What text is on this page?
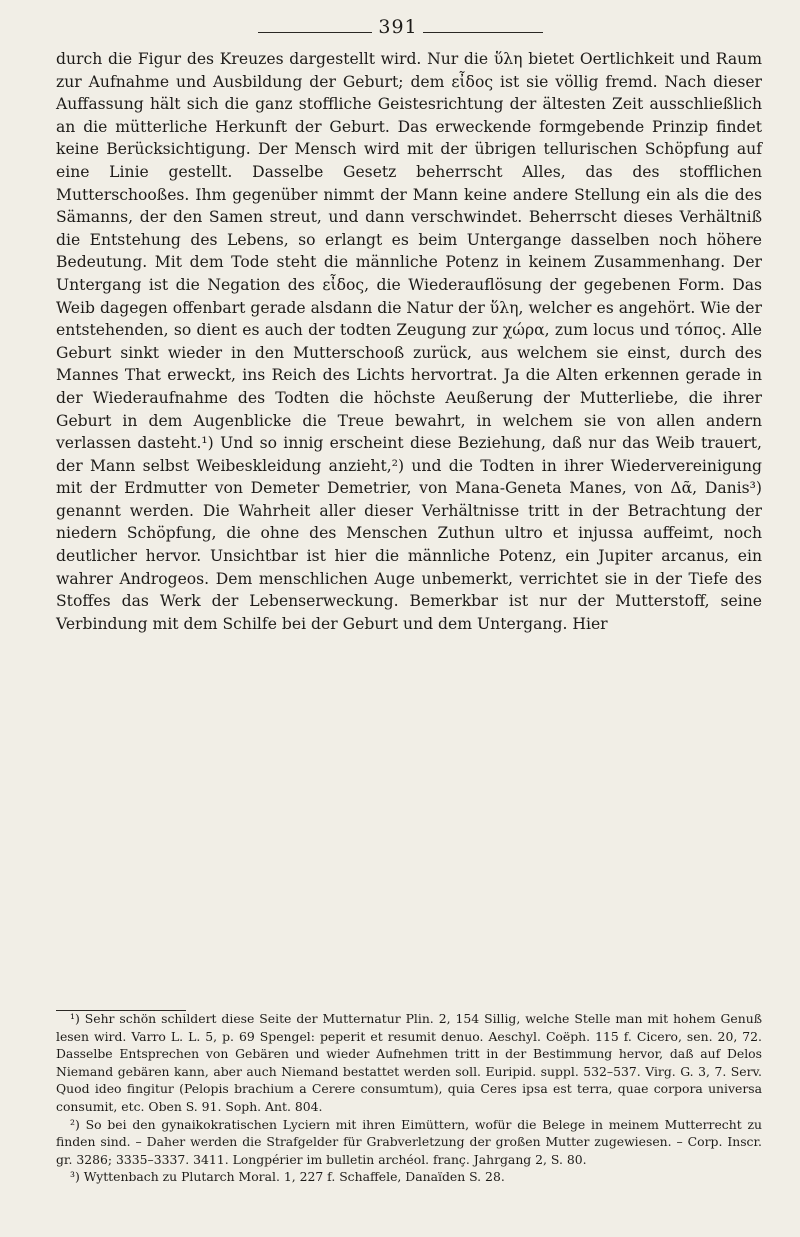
391

durch die Figur des Kreuzes dargestellt wird. Nur die ὕλη bietet Oertlichkeit und Raum zur Aufnahme und Ausbildung der Geburt; dem εἶδος ist sie völlig fremd. Nach dieser Auffassung hält sich die ganz stoffliche Geistesrichtung der ältesten Zeit ausschließlich an die mütterliche Herkunft der Geburt. Das erweckende formgebende Prinzip findet keine Berücksichtigung. Der Mensch wird mit der übrigen tellurischen Schöpfung auf eine Linie gestellt. Dasselbe Gesetz beherrscht Alles, das des stofflichen Mutterschooßes. Ihm gegenüber nimmt der Mann keine andere Stellung ein als die des Sämanns, der den Samen streut, und dann verschwindet. Beherrscht dieses Verhältniß die Entstehung des Lebens, so erlangt es beim Untergange dasselben noch höhere Bedeutung. Mit dem Tode steht die männliche Potenz in keinem Zusammenhang. Der Untergang ist die Negation des εἶδος, die Wiederauflösung der gegebenen Form. Das Weib dagegen offenbart gerade alsdann die Natur der ὕλη, welcher es angehört. Wie der entstehenden, so dient es auch der todten Zeugung zur χώρα, zum locus und τόπος. Alle Geburt sinkt wieder in den Mutterschooß zurück, aus welchem sie einst, durch des Mannes That erweckt, ins Reich des Lichts hervortrat. Ja die Alten erkennen gerade in der Wiederaufnahme des Todten die höchste Aeußerung der Mutterliebe, die ihrer Geburt in dem Augenblicke die Treue bewahrt, in welchem sie von allen andern verlassen dasteht.¹) Und so innig erscheint diese Beziehung, daß nur das Weib trauert, der Mann selbst Weibeskleidung anzieht,²) und die Todten in ihrer Wiedervereinigung mit der Erdmutter von Demeter Demetrier, von Mana-Geneta Manes, von Δᾶ, Danis³) genannt werden. Die Wahrheit aller dieser Verhältnisse tritt in der Betrachtung der niedern Schöpfung, die ohne des Menschen Zuthun ultro et injussa auffeimt, noch deutlicher hervor. Unsichtbar ist hier die männliche Potenz, ein Jupiter arcanus, ein wahrer Androgeos. Dem menschlichen Auge unbemerkt, verrichtet sie in der Tiefe des Stoffes das Werk der Lebenserweckung. Bemerkbar ist nur der Mutterstoff, seine Verbindung mit dem Schilfe bei der Geburt und dem Untergang. Hier

¹) Sehr schön schildert diese Seite der Mutternatur Plin. 2, 154 Sillig, welche Stelle man mit hohem Genuß lesen wird. Varro L. L. 5, p. 69 Spengel: peperit et resumit denuo. Aeschyl. Coëph. 115 f. Cicero, sen. 20, 72. Dasselbe Entsprechen von Gebären und wieder Aufnehmen tritt in der Bestimmung hervor, daß auf Delos Niemand gebären kann, aber auch Niemand bestattet werden soll. Euripid. suppl. 532–537. Virg. G. 3, 7. Serv. Quod ideo fingitur (Pelopis brachium a Cerere consumtum), quia Ceres ipsa est terra, quae corpora universa consumit, etc. Oben S. 91. Soph. Ant. 804.

²) So bei den gynaikokratischen Lyciern mit ihren Eimüttern, wofür die Belege in meinem Mutterrecht zu finden sind. – Daher werden die Strafgelder für Grabverletzung der großen Mutter zugewiesen. – Corp. Inscr. gr. 3286; 3335–3337. 3411. Longpérier im bulletin archéol. franç. Jahrgang 2, S. 80.

³) Wyttenbach zu Plutarch Moral. 1, 227 f. Schaffele, Danaïden S. 28.
